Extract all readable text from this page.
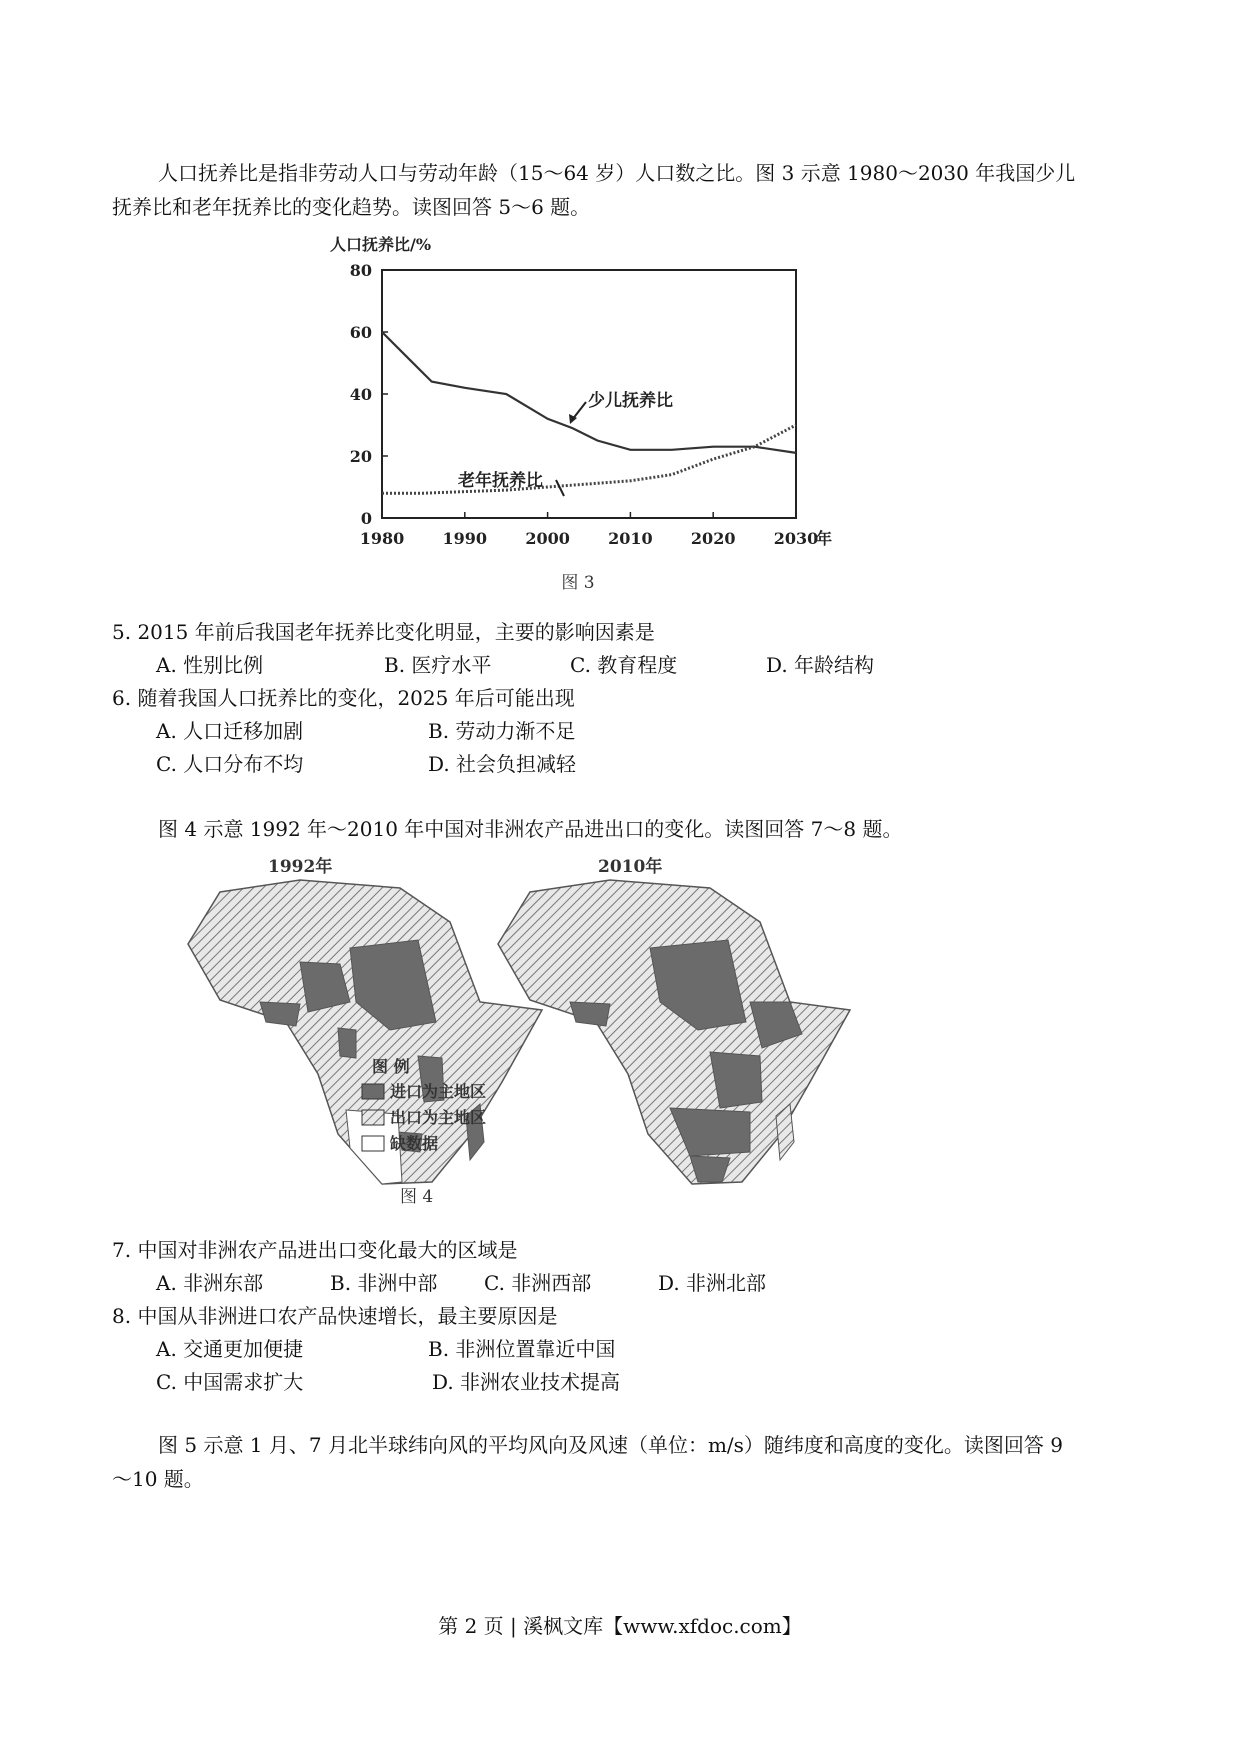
人口抚养比是指非劳动人口与劳动年龄（15～64 岁）人口数之比。图 3 示意 1980～2030 年我国少儿
抚养比和老年抚养比的变化趋势。读图回答 5～6 题。
人口抚养比/%
0
20
40
60
80
1980 1990 2000 2010 2020 2030
年
少儿抚养比
老年抚养比
图 3
5. 2015 年前后我国老年抚养比变化明显，主要的影响因素是
A. 性别比例	B. 医疗水平	C. 教育程度	D. 年龄结构
6. 随着我国人口抚养比的变化，2025 年后可能出现
A. 人口迁移加剧	B. 劳动力渐不足
C. 人口分布不均	D. 社会负担减轻
图 4 示意 1992 年～2010 年中国对非洲农产品进出口的变化。读图回答 7～8 题。
1992年	2010年
图 例
进口为主地区
出口为主地区
缺数据
图 4
7. 中国对非洲农产品进出口变化最大的区域是
A. 非洲东部	B. 非洲中部 C. 非洲西部	D. 非洲北部
8. 中国从非洲进口农产品快速增长，最主要原因是
A. 交通更加便捷	B. 非洲位置靠近中国
C. 中国需求扩大	D. 非洲农业技术提高
图 5 示意 1 月、7 月北半球纬向风的平均风向及风速（单位：m/s）随纬度和高度的变化。读图回答 9
～10 题。
第 2 页 | 溪枫文库【www.xfdoc.com】
